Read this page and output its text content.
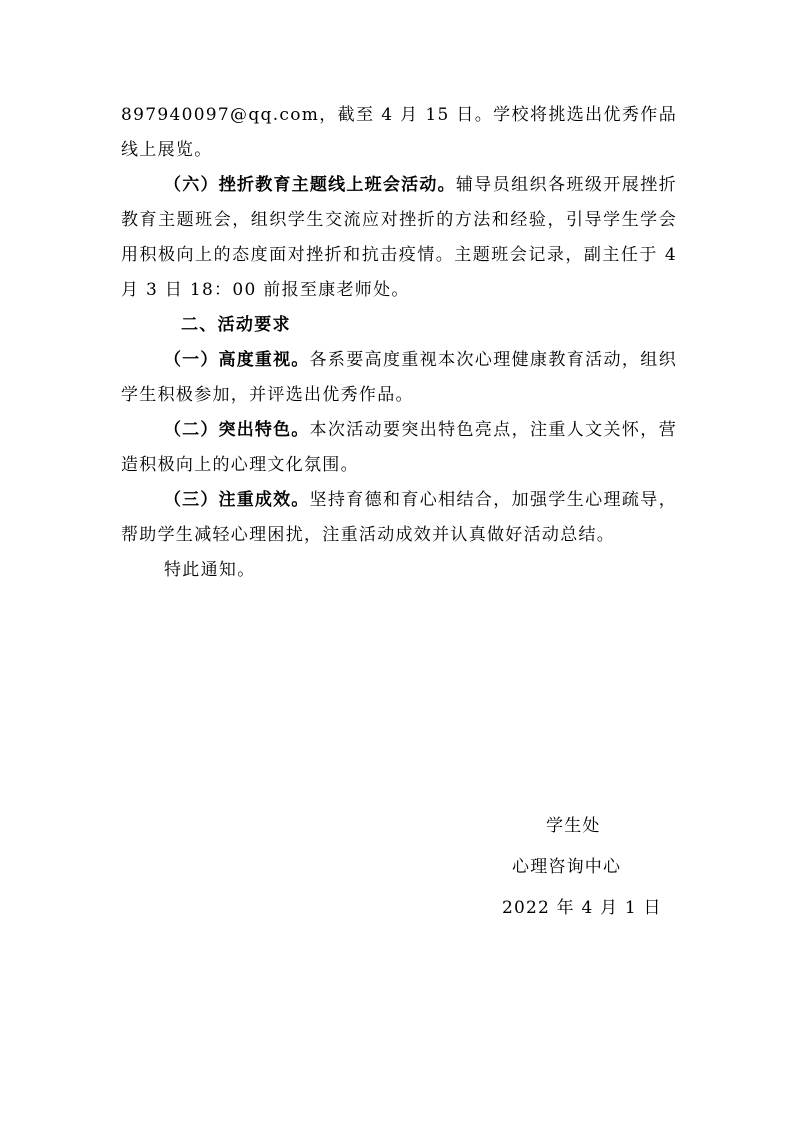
897940097@qq.com，截至 4 月 15 日。学校将挑选出优秀作品线上展览。

（六）挫折教育主题线上班会活动。辅导员组织各班级开展挫折教育主题班会，组织学生交流应对挫折的方法和经验，引导学生学会用积极向上的态度面对挫折和抗击疫情。主题班会记录，副主任于 4 月 3 日 18：00 前报至康老师处。

二、活动要求

（一）高度重视。各系要高度重视本次心理健康教育活动，组织学生积极参加，并评选出优秀作品。

（二）突出特色。本次活动要突出特色亮点，注重人文关怀，营造积极向上的心理文化氛围。

（三）注重成效。坚持育德和育心相结合，加强学生心理疏导，帮助学生减轻心理困扰，注重活动成效并认真做好活动总结。

特此通知。

学生处
心理咨询中心
2022 年 4 月 1 日
